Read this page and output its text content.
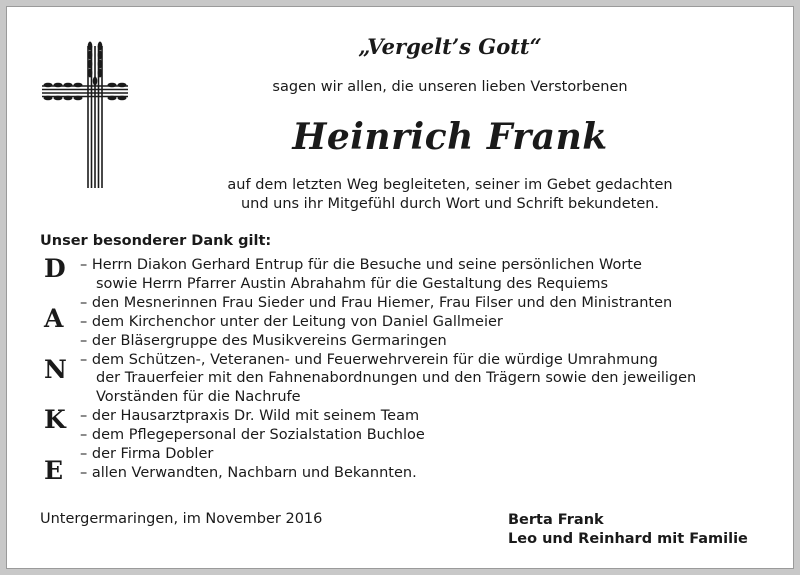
„Vergelt’s Gott“
sagen wir allen, die unseren lieben Verstorbenen
Heinrich Frank
auf dem letzten Weg begleiteten, seiner im Gebet gedachten
und uns ihr Mitgefühl durch Wort und Schrift bekundeten.
Unser besonderer Dank gilt:
D
A
N
K
E
– Herrn Diakon Gerhard Entrup für die Besuche und seine persönlichen Worte
sowie Herrn Pfarrer Austin Abrahahm für die Gestaltung des Requiems
– den Mesnerinnen Frau Sieder und Frau Hiemer, Frau Filser und den Ministranten
– dem Kirchenchor unter der Leitung von Daniel Gallmeier
– der Bläsergruppe des Musikvereins Germaringen
– dem Schützen-, Veteranen- und Feuerwehrverein für die würdige Umrahmung
der Trauerfeier mit den Fahnenabordnungen und den Trägern sowie den jeweiligen
Vorständen für die Nachrufe
– der Hausarztpraxis Dr. Wild mit seinem Team
– dem Pflegepersonal der Sozialstation Buchloe
– der Firma Dobler
– allen Verwandten, Nachbarn und Bekannten.
Untergermaringen, im November 2016	Berta Frank
Leo und Reinhard mit Familie
